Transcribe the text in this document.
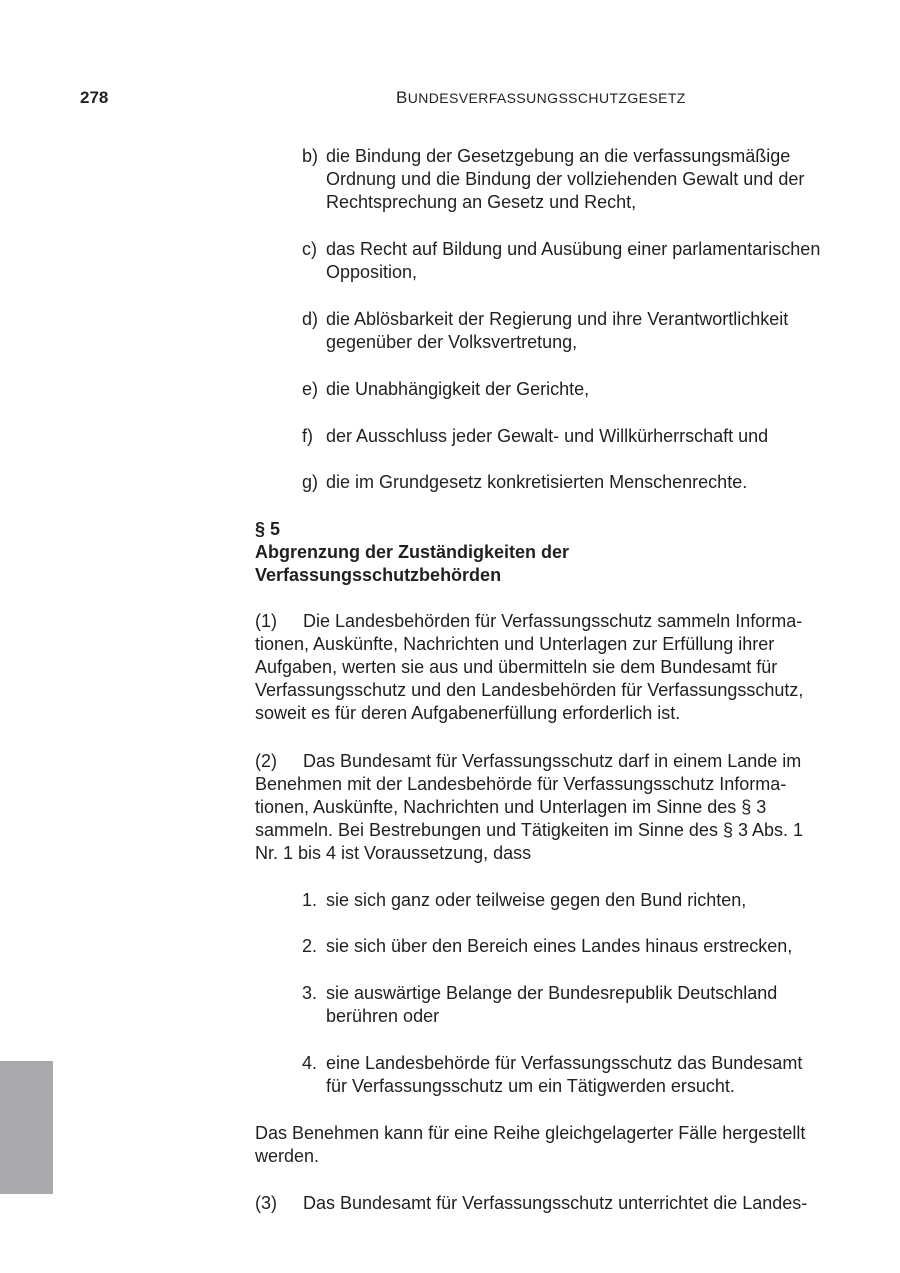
278	BUNDESVERFASSUNGSSCHUTZGESETZ
b) die Bindung der Gesetzgebung an die verfassungsmäßige Ordnung und die Bindung der vollziehenden Gewalt und der Rechtsprechung an Gesetz und Recht,
c) das Recht auf Bildung und Ausübung einer parlamentarischen Opposition,
d) die Ablösbarkeit der Regierung und ihre Verantwortlichkeit gegenüber der Volksvertretung,
e) die Unabhängigkeit der Gerichte,
f) der Ausschluss jeder Gewalt- und Willkürherrschaft und
g) die im Grundgesetz konkretisierten Menschenrechte.
§ 5
Abgrenzung der Zuständigkeiten der
Verfassungsschutzbehörden
(1) Die Landesbehörden für Verfassungsschutz sammeln Informationen, Auskünfte, Nachrichten und Unterlagen zur Erfüllung ihrer Aufgaben, werten sie aus und übermitteln sie dem Bundesamt für Verfassungsschutz und den Landesbehörden für Verfassungsschutz, soweit es für deren Aufgabenerfüllung erforderlich ist.
(2) Das Bundesamt für Verfassungsschutz darf in einem Lande im Benehmen mit der Landesbehörde für Verfassungsschutz Informationen, Auskünfte, Nachrichten und Unterlagen im Sinne des § 3 sammeln. Bei Bestrebungen und Tätigkeiten im Sinne des § 3 Abs. 1 Nr. 1 bis 4 ist Voraussetzung, dass
1. sie sich ganz oder teilweise gegen den Bund richten,
2. sie sich über den Bereich eines Landes hinaus erstrecken,
3. sie auswärtige Belange der Bundesrepublik Deutschland berühren oder
4. eine Landesbehörde für Verfassungsschutz das Bundesamt für Verfassungsschutz um ein Tätigwerden ersucht.
Das Benehmen kann für eine Reihe gleichgelagerter Fälle hergestellt werden.
(3) Das Bundesamt für Verfassungsschutz unterrichtet die Landes-
